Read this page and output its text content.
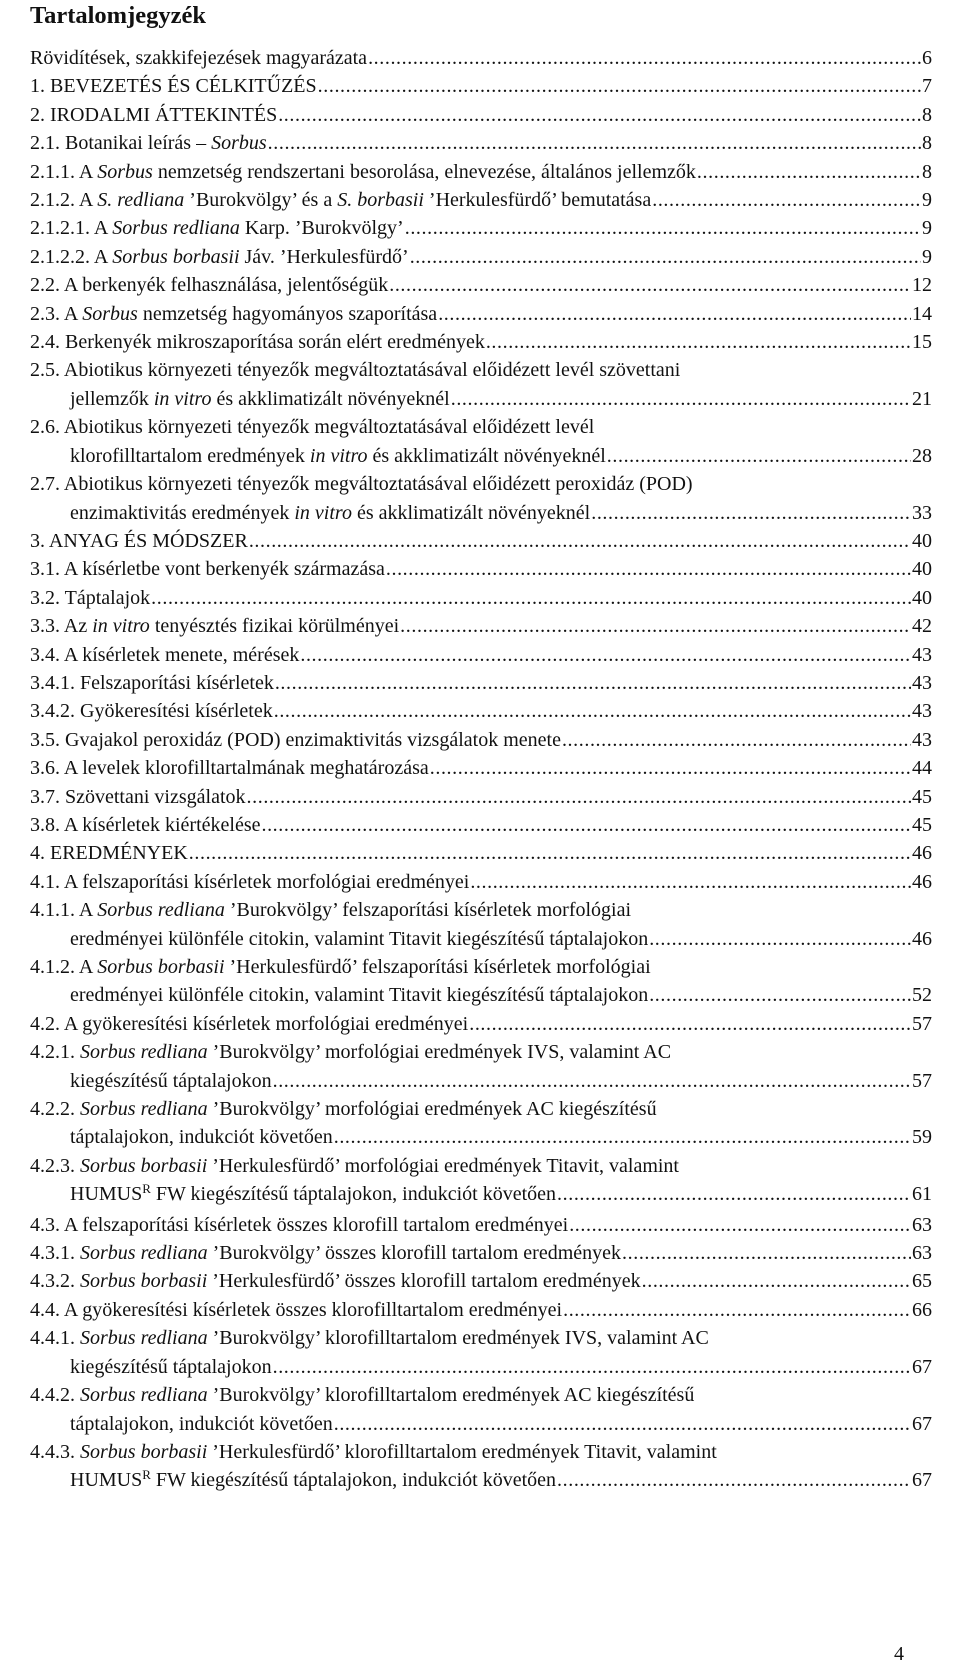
Tartalomjegyzék
Rövidítések, szakkifejezések magyarázata .....	6
1. BEVEZETÉS ÉS CÉLKITŰZÉS .....	7
2. IRODALMI ÁTTEKINTÉS .....	8
2.1. Botanikai leírás – Sorbus .....	8
2.1.1. A Sorbus nemzetség rendszertani besorolása, elnevezése, általános jellemzők .....	8
2.1.2. A S. redliana ’Burokvölgy’ és a S. borbasii ’Herkulesfürdő’ bemutatása .....	9
2.1.2.1. A Sorbus redliana Karp. ’Burokvölgy’ .....	9
2.1.2.2. A Sorbus borbasii Jáv. ’Herkulesfürdő’ .....	9
2.2. A berkenyék felhasználása, jelentőségük .....	12
2.3. A Sorbus nemzetség hagyományos szaporítása .....	14
2.4. Berkenyék mikroszaporítása során elért eredmények .....	15
2.5. Abiotikus környezeti tényezők megváltoztatásával előidézett levél szövettani
jellemzők in vitro és akklimatizált növényeknél .....	21
2.6. Abiotikus környezeti tényezők megváltoztatásával előidézett levél
klorofilltartalom eredmények in vitro és akklimatizált növényeknél .....	28
2.7. Abiotikus környezeti tényezők megváltoztatásával előidézett peroxidáz (POD)
enzimaktivitás eredmények in vitro és akklimatizált növényeknél .....	33
3. ANYAG ÉS MÓDSZER .....	40
3.1. A kísérletbe vont berkenyék származása .....	40
3.2. Táptalajok .....	40
3.3. Az in vitro tenyésztés fizikai körülményei .....	42
3.4. A kísérletek menete, mérések .....	43
3.4.1. Felszaporítási kísérletek .....	43
3.4.2. Gyökeresítési kísérletek .....	43
3.5. Gvajakol peroxidáz (POD) enzimaktivitás vizsgálatok menete .....	43
3.6. A levelek klorofilltartalmának meghatározása .....	44
3.7. Szövettani vizsgálatok .....	45
3.8. A kísérletek kiértékelése .....	45
4. EREDMÉNYEK .....	46
4.1. A felszaporítási kísérletek morfológiai eredményei .....	46
4.1.1. A Sorbus redliana ’Burokvölgy’ felszaporítási kísérletek morfológiai
eredményei különféle citokin, valamint Titavit kiegészítésű táptalajokon .....	46
4.1.2. A Sorbus borbasii ’Herkulesfürdő’ felszaporítási kísérletek morfológiai
eredményei különféle citokin, valamint Titavit kiegészítésű táptalajokon .....	52
4.2. A gyökeresítési kísérletek morfológiai eredményei .....	57
4.2.1. Sorbus redliana ’Burokvölgy’ morfológiai eredmények IVS, valamint AC
kiegészítésű táptalajokon .....	57
4.2.2. Sorbus redliana ’Burokvölgy’ morfológiai eredmények AC kiegészítésű
táptalajokon, indukciót követően .....	59
4.2.3. Sorbus borbasii ’Herkulesfürdő’ morfológiai eredmények Titavit, valamint
$HUMUS^R$ FW kiegészítésű táptalajokon, indukciót követően .....	61
4.3. A felszaporítási kísérletek összes klorofill tartalom eredményei .....	63
4.3.1. Sorbus redliana ’Burokvölgy’ összes klorofill tartalom eredmények .....	63
4.3.2. Sorbus borbasii ’Herkulesfürdő’ összes klorofill tartalom eredmények .....	65
4.4. A gyökeresítési kísérletek összes klorofilltartalom eredményei .....	66
4.4.1. Sorbus redliana ’Burokvölgy’ klorofilltartalom eredmények IVS, valamint AC
kiegészítésű táptalajokon .....	67
4.4.2. Sorbus redliana ’Burokvölgy’ klorofilltartalom eredmények AC kiegészítésű
táptalajokon, indukciót követően .....	67
4.4.3. Sorbus borbasii ’Herkulesfürdő’ klorofilltartalom eredmények Titavit, valamint
$HUMUS^R$ FW kiegészítésű táptalajokon, indukciót követően .....	67
4
